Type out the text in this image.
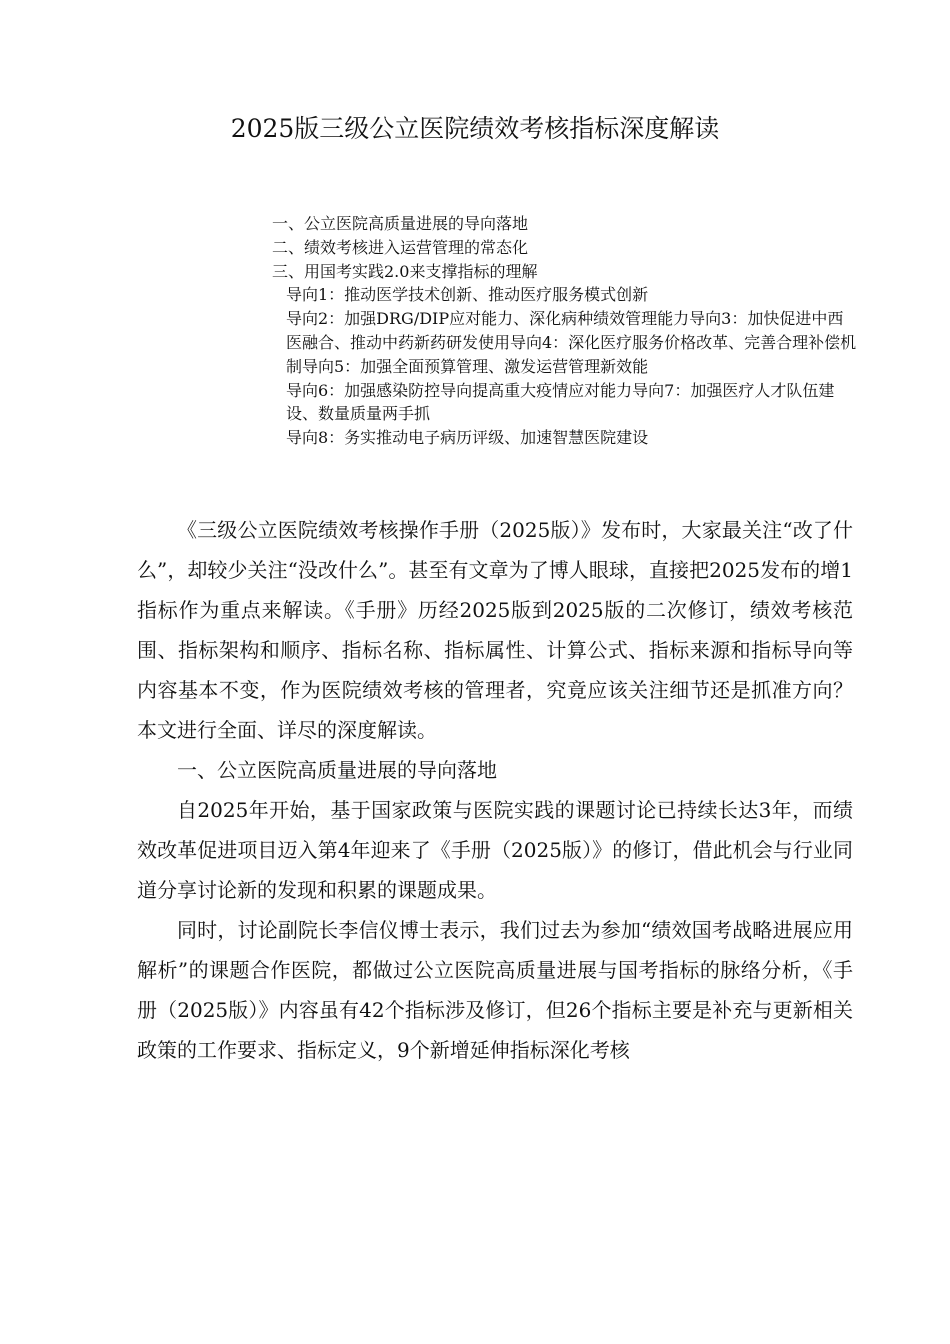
2025版三级公立医院绩效考核指标深度解读
一、公立医院高质量进展的导向落地
二、绩效考核进入运营管理的常态化
三、用国考实践2.0来支撑指标的理解
导向1：推动医学技术创新、推动医疗服务模式创新
导向2：加强DRG/DIP应对能力、深化病种绩效管理能力导向3：加快促进中西医融合、推动中药新药研发使用导向4：深化医疗服务价格改革、完善合理补偿机制导向5：加强全面预算管理、激发运营管理新效能
导向6：加强感染防控导向提高重大疫情应对能力导向7：加强医疗人才队伍建设、数量质量两手抓
导向8：务实推动电子病历评级、加速智慧医院建设

《三级公立医院绩效考核操作手册（2025版）》发布时，大家最关注“改了什么”，却较少关注“没改什么”。甚至有文章为了博人眼球，直接把2025发布的增1指标作为重点来解读。《手册》历经2025版到2025版的二次修订，绩效考核范围、指标架构和顺序、指标名称、指标属性、计算公式、指标来源和指标导向等内容基本不变，作为医院绩效考核的管理者，究竟应该关注细节还是抓准方向？本文进行全面、详尽的深度解读。

一、公立医院高质量进展的导向落地

自2025年开始，基于国家政策与医院实践的课题讨论已持续长达3年，而绩效改革促进项目迈入第4年迎来了《手册（2025版）》的修订，借此机会与行业同道分享讨论新的发现和积累的课题成果。

同时，讨论副院长李信仪博士表示，我们过去为参加“绩效国考战略进展应用解析”的课题合作医院，都做过公立医院高质量进展与国考指标的脉络分析，《手册（2025版）》内容虽有42个指标涉及修订，但26个指标主要是补充与更新相关政策的工作要求、指标定义，9个新增延伸指标深化考核
